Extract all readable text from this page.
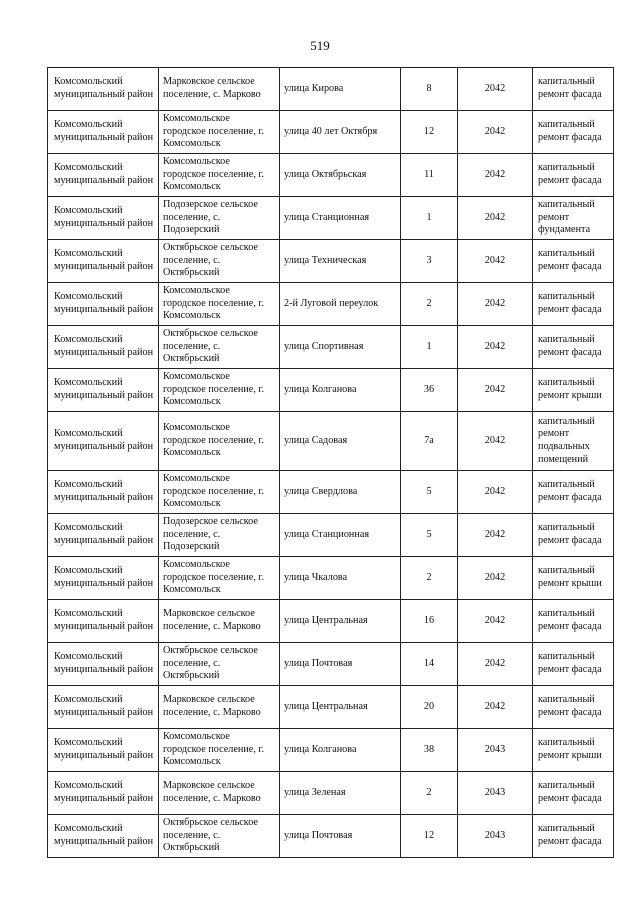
519
Комсомольский муниципальный район	Марковское сельское поселение, с. Марково	улица Кирова	8	2042	капитальный ремонт фасада
Комсомольский муниципальный район	Комсомольское городское поселение, г. Комсомольск	улица 40 лет Октября	12	2042	капитальный ремонт фасада
Комсомольский муниципальный район	Комсомольское городское поселение, г. Комсомольск	улица Октябрьская	11	2042	капитальный ремонт фасада
Комсомольский муниципальный район	Подозерское сельское поселение, с. Подозерский	улица Станционная	1	2042	капитальный ремонт фундамента
Комсомольский муниципальный район	Октябрьское сельское поселение, с. Октябрьский	улица Техническая	3	2042	капитальный ремонт фасада
Комсомольский муниципальный район	Комсомольское городское поселение, г. Комсомольск	2-й Луговой переулок	2	2042	капитальный ремонт фасада
Комсомольский муниципальный район	Октябрьское сельское поселение, с. Октябрьский	улица Спортивная	1	2042	капитальный ремонт фасада
Комсомольский муниципальный район	Комсомольское городское поселение, г. Комсомольск	улица Колганова	36	2042	капитальный ремонт крыши
Комсомольский муниципальный район	Комсомольское городское поселение, г. Комсомольск	улица Садовая	7а	2042	капитальный ремонт подвальных помещений
Комсомольский муниципальный район	Комсомольское городское поселение, г. Комсомольск	улица Свердлова	5	2042	капитальный ремонт фасада
Комсомольский муниципальный район	Подозерское сельское поселение, с. Подозерский	улица Станционная	5	2042	капитальный ремонт фасада
Комсомольский муниципальный район	Комсомольское городское поселение, г. Комсомольск	улица Чкалова	2	2042	капитальный ремонт крыши
Комсомольский муниципальный район	Марковское сельское поселение, с. Марково	улица Центральная	16	2042	капитальный ремонт фасада
Комсомольский муниципальный район	Октябрьское сельское поселение, с. Октябрьский	улица Почтовая	14	2042	капитальный ремонт фасада
Комсомольский муниципальный район	Марковское сельское поселение, с. Марково	улица Центральная	20	2042	капитальный ремонт фасада
Комсомольский муниципальный район	Комсомольское городское поселение, г. Комсомольск	улица Колганова	38	2043	капитальный ремонт крыши
Комсомольский муниципальный район	Марковское сельское поселение, с. Марково	улица Зеленая	2	2043	капитальный ремонт фасада
Комсомольский муниципальный район	Октябрьское сельское поселение, с. Октябрьский	улица Почтовая	12	2043	капитальный ремонт фасада
